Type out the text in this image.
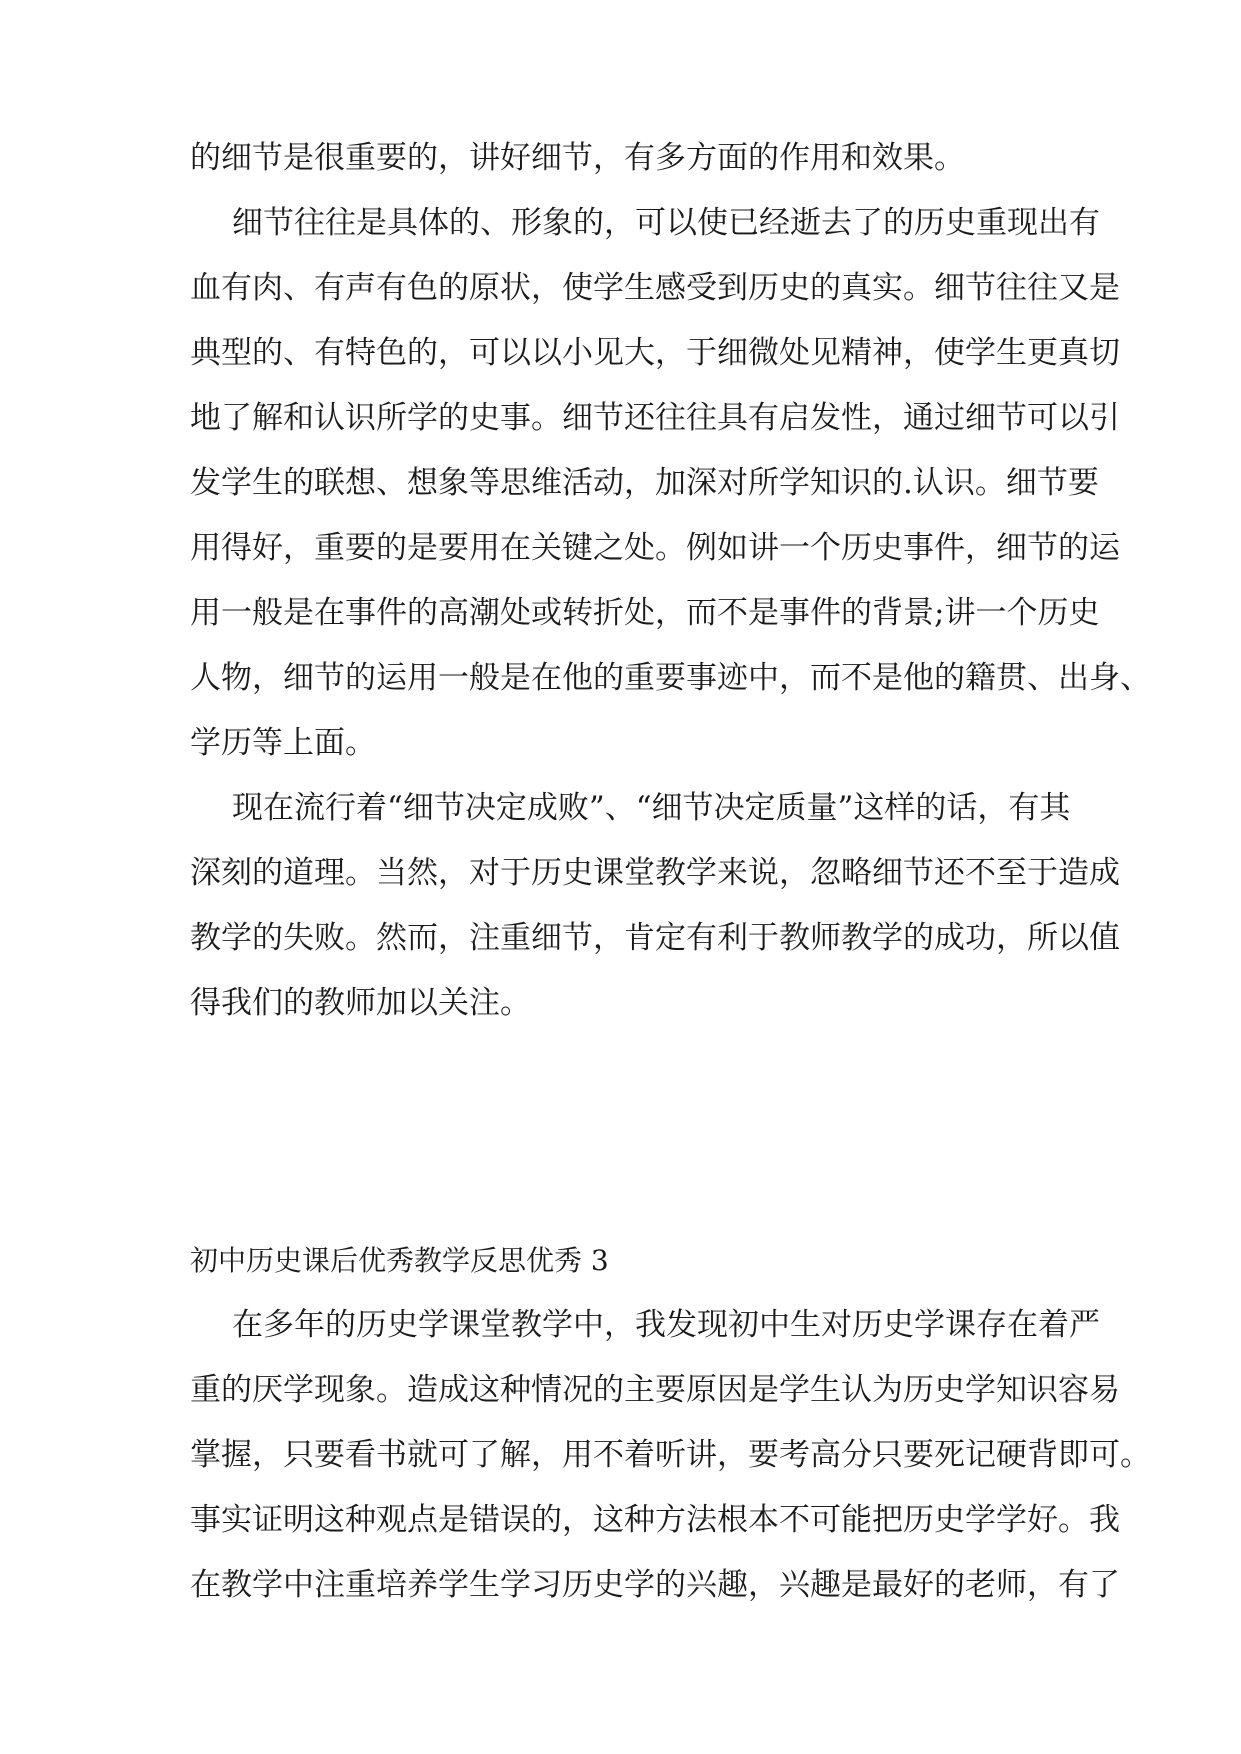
的细节是很重要的，讲好细节，有多方面的作用和效果。
细节往往是具体的、形象的，可以使已经逝去了的历史重现出有
血有肉、有声有色的原状，使学生感受到历史的真实。细节往往又是
典型的、有特色的，可以以小见大，于细微处见精神，使学生更真切
地了解和认识所学的史事。细节还往往具有启发性，通过细节可以引
发学生的联想、想象等思维活动，加深对所学知识的.认识。细节要
用得好，重要的是要用在关键之处。例如讲一个历史事件，细节的运
用一般是在事件的高潮处或转折处，而不是事件的背景;讲一个历史
人物，细节的运用一般是在他的重要事迹中，而不是他的籍贯、出身、
学历等上面。
现在流行着“细节决定成败”、“细节决定质量”这样的话，有其
深刻的道理。当然，对于历史课堂教学来说，忽略细节还不至于造成
教学的失败。然而，注重细节，肯定有利于教师教学的成功，所以值
得我们的教师加以关注。
初中历史课后优秀教学反思优秀 3
在多年的历史学课堂教学中，我发现初中生对历史学课存在着严
重的厌学现象。造成这种情况的主要原因是学生认为历史学知识容易
掌握，只要看书就可了解，用不着听讲，要考高分只要死记硬背即可。
事实证明这种观点是错误的，这种方法根本不可能把历史学学好。我
在教学中注重培养学生学习历史学的兴趣，兴趣是最好的老师，有了
